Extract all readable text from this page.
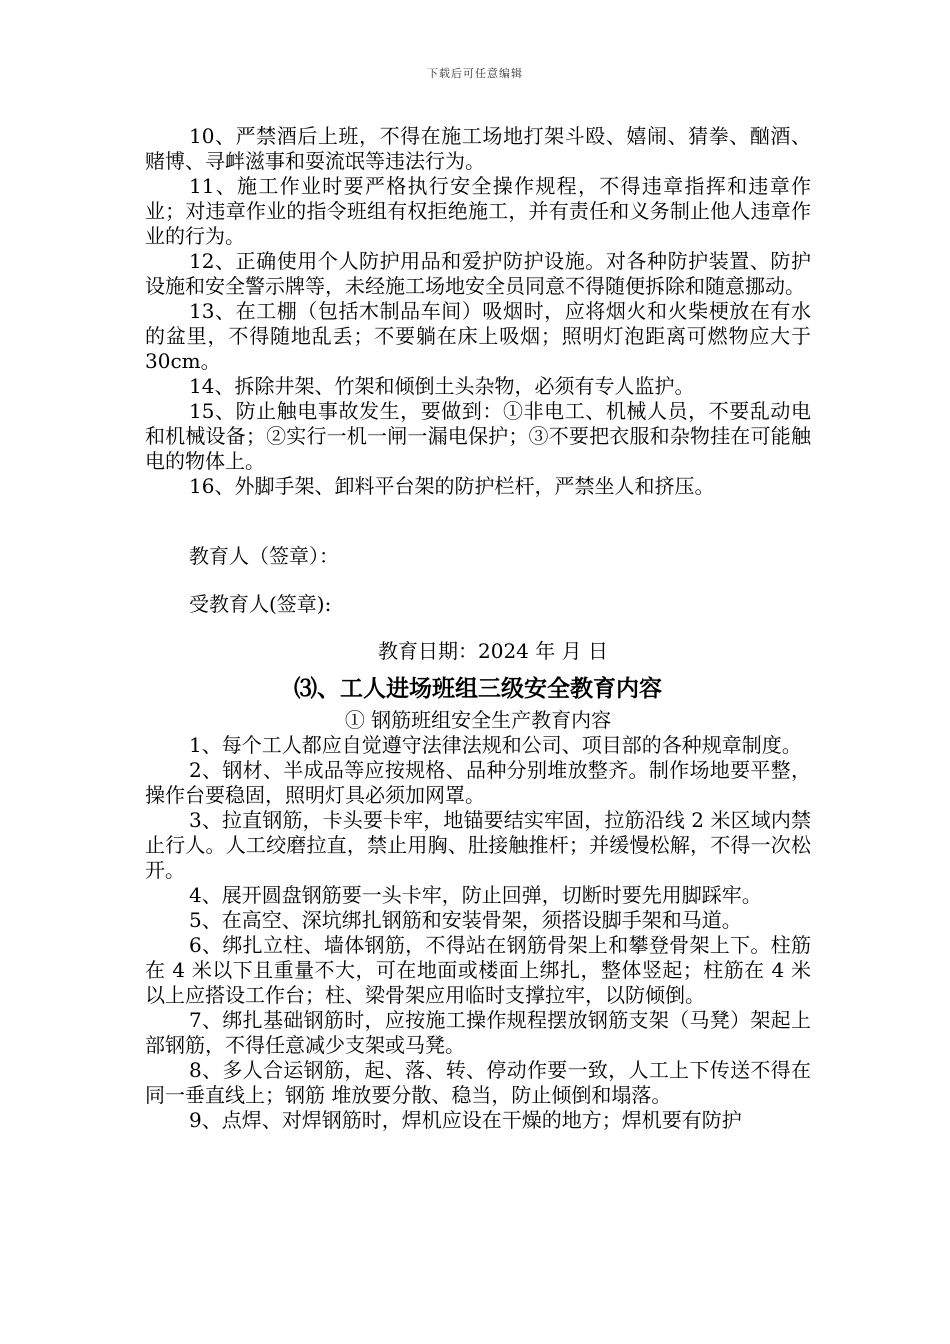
下载后可任意编辑

10、严禁酒后上班，不得在施工场地打架斗殴、嬉闹、猜拳、酗酒、赌博、寻衅滋事和耍流氓等违法行为。

11、施工作业时要严格执行安全操作规程，不得违章指挥和违章作业；对违章作业的指令班组有权拒绝施工，并有责任和义务制止他人违章作业的行为。

12、正确使用个人防护用品和爱护防护设施。对各种防护装置、防护设施和安全警示牌等，未经施工场地安全员同意不得随便拆除和随意挪动。

13、在工棚（包括木制品车间）吸烟时，应将烟火和火柴梗放在有水的盆里，不得随地乱丢；不要躺在床上吸烟；照明灯泡距离可燃物应大于30cm。

14、拆除井架、竹架和倾倒土头杂物，必须有专人监护。

15、防止触电事故发生，要做到：①非电工、机械人员，不要乱动电和机械设备；②实行一机一闸一漏电保护；③不要把衣服和杂物挂在可能触电的物体上。

16、外脚手架、卸料平台架的防护栏杆，严禁坐人和挤压。

教育人（签章）：

受教育人(签章):

教育日期：2024 年 月 日

⑶、工人进场班组三级安全教育内容

① 钢筋班组安全生产教育内容

1、每个工人都应自觉遵守法律法规和公司、项目部的各种规章制度。

2、钢材、半成品等应按规格、品种分别堆放整齐。制作场地要平整，操作台要稳固，照明灯具必须加网罩。

3、拉直钢筋，卡头要卡牢，地锚要结实牢固，拉筋沿线 2 米区域内禁止行人。人工绞磨拉直，禁止用胸、肚接触推杆；并缓慢松解，不得一次松开。

4、展开圆盘钢筋要一头卡牢，防止回弹，切断时要先用脚踩牢。

5、在高空、深坑绑扎钢筋和安装骨架，须搭设脚手架和马道。

6、绑扎立柱、墙体钢筋，不得站在钢筋骨架上和攀登骨架上下。柱筋在 4 米以下且重量不大，可在地面或楼面上绑扎，整体竖起；柱筋在 4 米以上应搭设工作台；柱、梁骨架应用临时支撑拉牢，以防倾倒。

7、绑扎基础钢筋时，应按施工操作规程摆放钢筋支架（马凳）架起上部钢筋，不得任意减少支架或马凳。

8、多人合运钢筋，起、落、转、停动作要一致，人工上下传送不得在同一垂直线上；钢筋 堆放要分散、稳当，防止倾倒和塌落。

9、点焊、对焊钢筋时，焊机应设在干燥的地方；焊机要有防护
